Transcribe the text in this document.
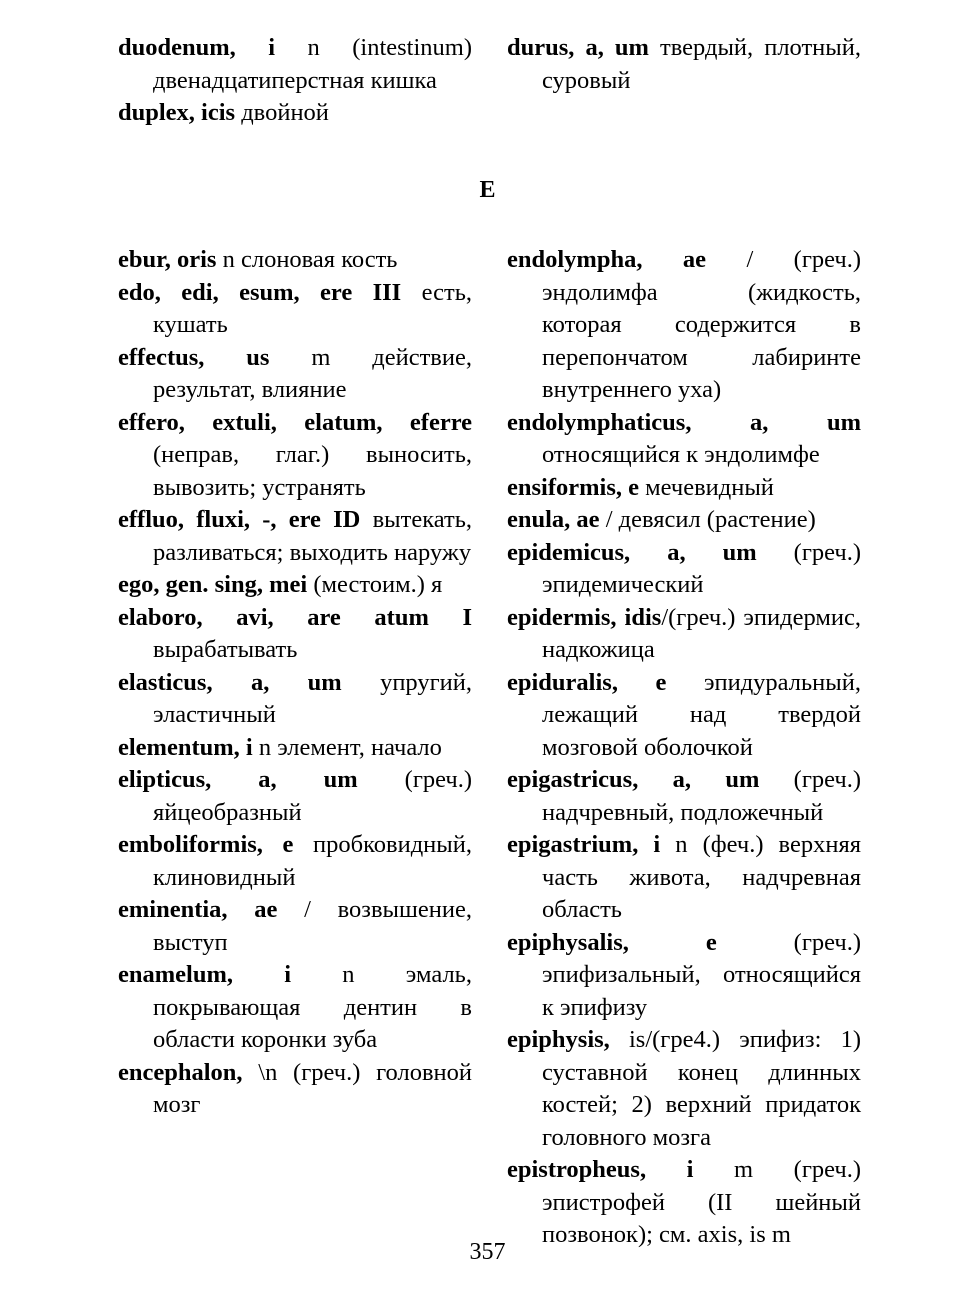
duodenum, i n (intestinum) двенадцатиперстная кишка

duplex, icis двойной

durus, a, um твердый, плотный, суровый

E

ebur, oris n слоновая кость

edo, edi, esum, ere III есть, кушать

effectus, us m действие, результат, влияние

effero, extuli, elatum, eferre (неправ, глаг.) выносить, вывозить; устранять

effluo, fluxi, -, ere ID вытекать, разливаться; выходить наружу

ego, gen. sing, mei (местоим.) я

elaboro, avi, are atum I вырабатывать

elasticus, a, um упругий, эластичный

elementum, i n элемент, начало

elipticus, a, um (греч.) яйцеобразный

emboliformis, e пробковидный, клиновидный

eminentia, ae / возвышение, выступ

enamelum, i n эмаль, покрывающая дентин в области коронки зуба

encephalon, \n (греч.) головной мозг

endolympha, ae / (греч.) эндолимфа (жидкость, которая содержится в перепончатом лабиринте внутреннего уха)

endolymphaticus, a, um относящийся к эндолимфе

ensiformis, e мечевидный

enula, ae / девясил (растение)

epidemicus, a, um (греч.) эпидемический

epidermis, idis/(греч.) эпидермис, надкожица

epiduralis, e эпидуральный, лежащий над твердой мозговой оболочкой

epigastricus, a, um (греч.) надчревный, подложечный

epigastrium, i n (феч.) верхняя часть живота, надчревная область

epiphysalis, e (греч.) эпифизальный, относящийся к эпифизу

epiphysis, is/(гре4.) эпифиз: 1) суставной конец длинных костей; 2) верхний придаток головного мозга

epistropheus, i m (греч.) эпистрофей (II шейный позвонок); см. axis, is m

357
